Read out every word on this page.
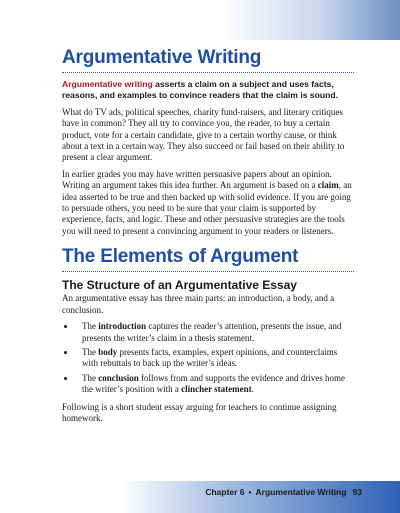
Argumentative Writing

Argumentative writing asserts a claim on a subject and uses facts, reasons, and examples to convince readers that the claim is sound.

What do TV ads, political speeches, charity fund-raisers, and literary critiques have in common? They all try to convince you, the reader, to buy a certain product, vote for a certain candidate, give to a certain worthy cause, or think about a text in a certain way. They also succeed or fail based on their ability to present a clear argument.

In earlier grades you may have written persuasive papers about an opinion. Writing an argument takes this idea further. An argument is based on a claim, an idea asserted to be true and then backed up with solid evidence. If you are going to persuade others, you need to be sure that your claim is supported by experience, facts, and logic. These and other persuasive strategies are the tools you will need to present a convincing argument to your readers or listeners.

The Elements of Argument
The Structure of an Argumentative Essay

An argumentative essay has three main parts: an introduction, a body, and a conclusion.

• The introduction captures the reader’s attention, presents the issue, and presents the writer’s claim in a thesis statement.
• The body presents facts, examples, expert opinions, and counterclaims with rebuttals to back up the writer’s ideas.
• The conclusion follows from and supports the evidence and drives home the writer’s position with a clincher statement.

Following is a short student essay arguing for teachers to continue assigning homework.

Chapter 6 • Argumentative Writing 93
